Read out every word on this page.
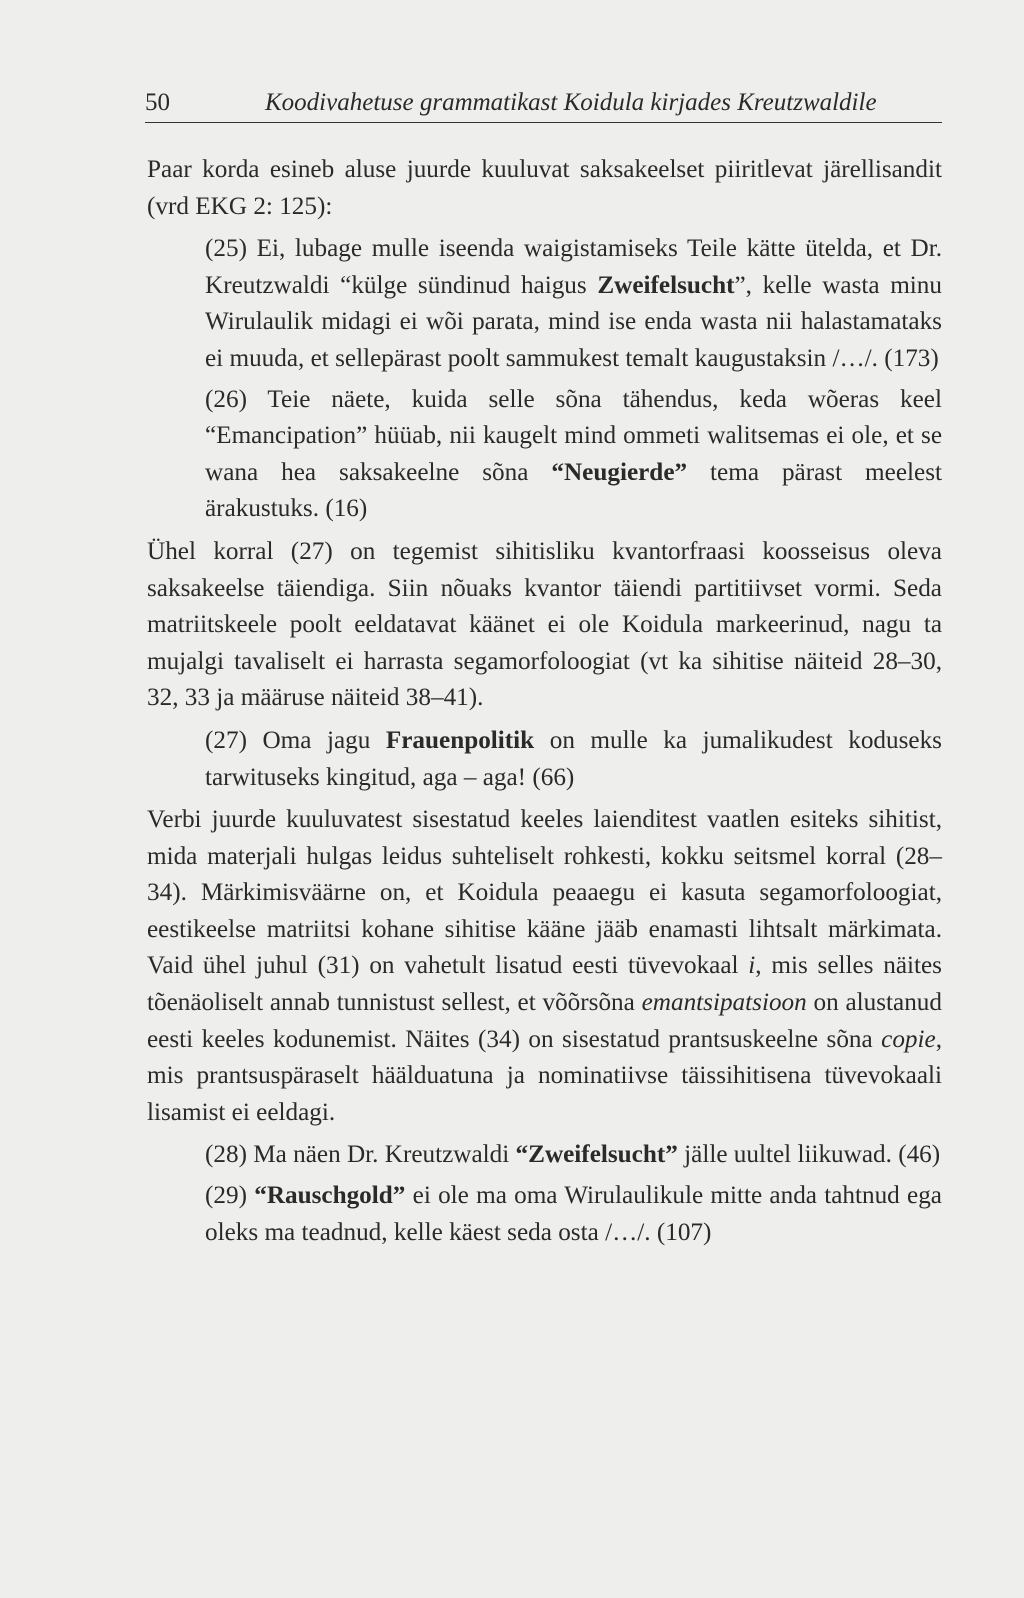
50	Koodivahetuse grammatikast Koidula kirjades Kreutzwaldile

Paar korda esineb aluse juurde kuuluvat saksakeelset piiritlevat järellisandit (vrd EKG 2: 125):

(25) Ei, lubage mulle iseenda waigistamiseks Teile kätte ütelda, et Dr. Kreutzwaldi “külge sündinud haigus Zweifelsucht”, kelle wasta minu Wirulaulik midagi ei wõi parata, mind ise enda wasta nii halastamataks ei muuda, et sellepärast poolt sammukest temalt kaugustaksin /…/. (173)

(26) Teie näete, kuida selle sõna tähendus, keda wõeras keel “Emancipation” hüüab, nii kaugelt mind ommeti walitsemas ei ole, et se wana hea saksakeelne sõna “Neugierde” tema pärast meelest ärakustuks. (16)

Ühel korral (27) on tegemist sihitisliku kvantorfraasi koosseisus oleva saksakeelse täiendiga. Siin nõuaks kvantor täiendi partitiivset vormi. Seda matriitskeele poolt eeldatavat käänet ei ole Koidula markeerinud, nagu ta mujalgi tavaliselt ei harrasta segamorfoloogiat (vt ka sihitise näiteid 28–30, 32, 33 ja määruse näiteid 38–41).

(27) Oma jagu Frauenpolitik on mulle ka jumalikudest koduseks tarwituseks kingitud, aga – aga! (66)

Verbi juurde kuuluvatest sisestatud keeles laienditest vaatlen esiteks sihitist, mida materjali hulgas leidus suhteliselt rohkesti, kokku seitsmel korral (28–34). Märkimisväärne on, et Koidula peaaegu ei kasuta segamorfoloogiat, eestikeelse matriitsi kohane sihitise kääne jääb enamasti lihtsalt märkimata. Vaid ühel juhul (31) on vahetult lisatud eesti tüvevokaal i, mis selles näites tõenäoliselt annab tunnistust sellest, et võõrsõna emantsipatsioon on alustanud eesti keeles kodunemist. Näites (34) on sisestatud prantsuskeelne sõna copie, mis prantsuspäraselt häälduatuna ja nominatiivse täissihitisena tüvevokaali lisamist ei eeldagi.

(28) Ma näen Dr. Kreutzwaldi “Zweifelsucht” jälle uultel liikuwad. (46)

(29) “Rauschgold” ei ole ma oma Wirulaulikule mitte anda tahtnud ega oleks ma teadnud, kelle käest seda osta /…/. (107)
